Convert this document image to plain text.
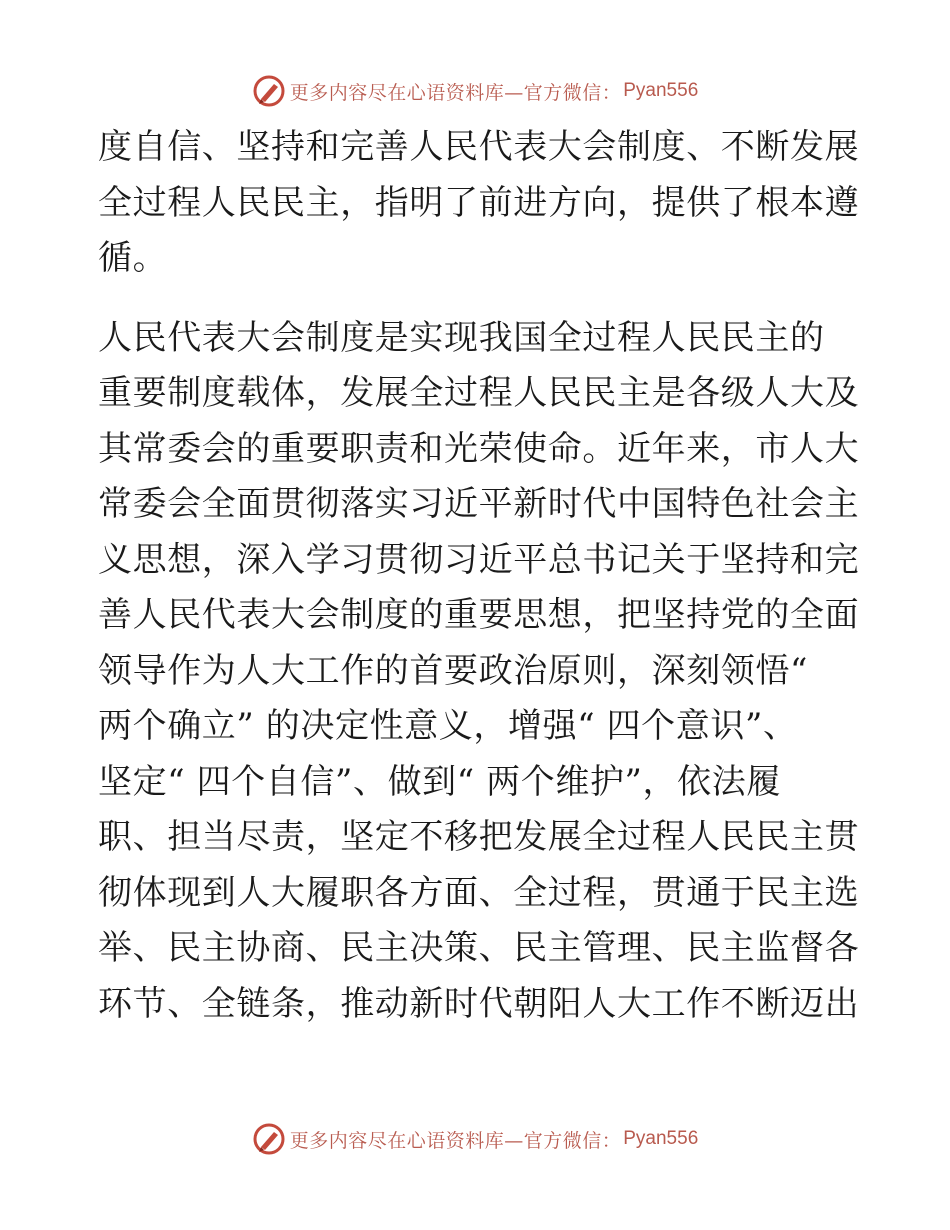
更多内容尽在心语资料库—官方微信： Pyan556
度自信、坚持和完善人民代表大会制度、不断发展
全过程人民民主，指明了前进方向，提供了根本遵
循。
人民代表大会制度是实现我国全过程人民民主的
重要制度载体，发展全过程人民民主是各级人大及
其常委会的重要职责和光荣使命。近年来，市人大
常委会全面贯彻落实习近平新时代中国特色社会主
义思想，深入学习贯彻习近平总书记关于坚持和完
善人民代表大会制度的重要思想，把坚持党的全面
领导作为人大工作的首要政治原则，深刻领悟“
两个确立” 的决定性意义，增强“ 四个意识”、
坚定“ 四个自信”、做到“ 两个维护”，依法履
职、担当尽责，坚定不移把发展全过程人民民主贯
彻体现到人大履职各方面、全过程，贯通于民主选
举、民主协商、民主决策、民主管理、民主监督各
环节、全链条，推动新时代朝阳人大工作不断迈出
更多内容尽在心语资料库—官方微信： Pyan556
